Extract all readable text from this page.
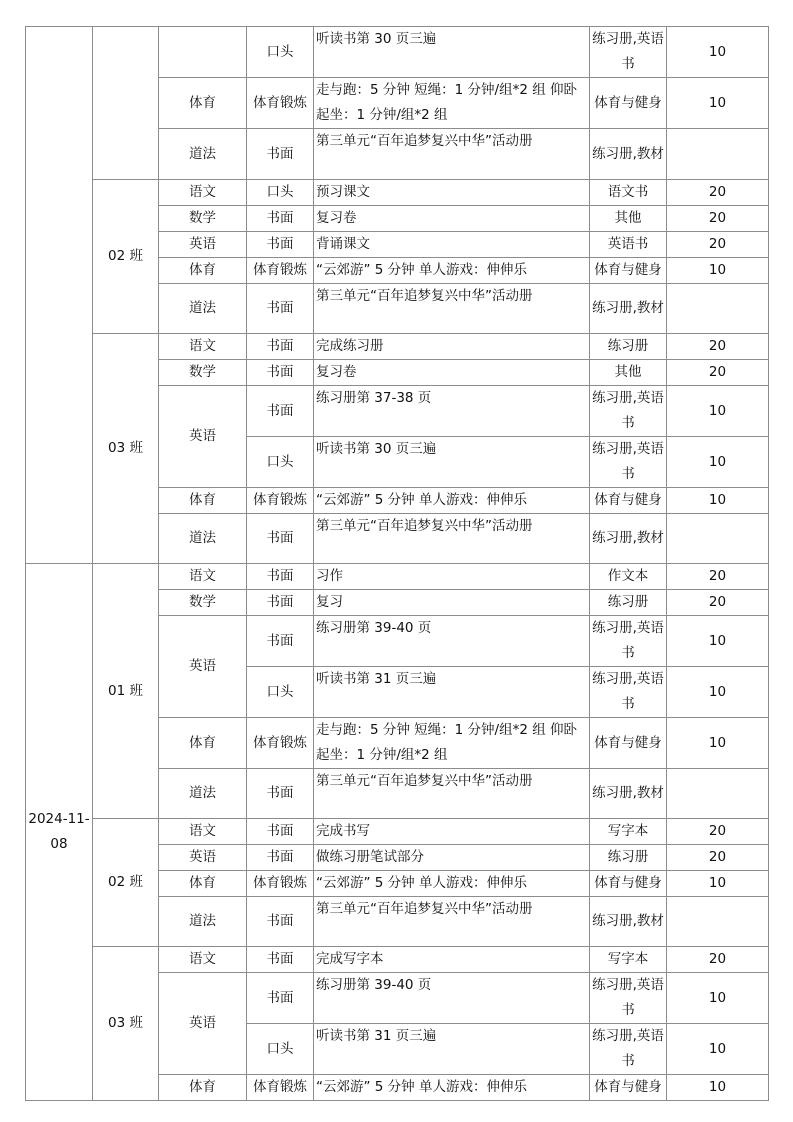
			口头	听读书第 30 页三遍	练习册,英语书	10
		体育	体育锻炼	走与跑：5 分钟 短绳：1 分钟/组*2 组 仰卧起坐：1 分钟/组*2 组	体育与健身	10
		道法	书面	第三单元“百年追梦复兴中华”活动册	练习册,教材	
	02 班	语文	口头	预习课文	语文书	20
		数学	书面	复习卷	其他	20
		英语	书面	背诵课文	英语书	20
		体育	体育锻炼	“云郊游” 5 分钟 单人游戏：伸伸乐	体育与健身	10
		道法	书面	第三单元“百年追梦复兴中华”活动册	练习册,教材	
	03 班	语文	书面	完成练习册	练习册	20
		数学	书面	复习卷	其他	20
		英语	书面	练习册第 37-38 页	练习册,英语书	10
			口头	听读书第 30 页三遍	练习册,英语书	10
		体育	体育锻炼	“云郊游” 5 分钟 单人游戏：伸伸乐	体育与健身	10
		道法	书面	第三单元“百年追梦复兴中华”活动册	练习册,教材	
2024-11-08	01 班	语文	书面	习作	作文本	20
		数学	书面	复习	练习册	20
		英语	书面	练习册第 39-40 页	练习册,英语书	10
			口头	听读书第 31 页三遍	练习册,英语书	10
		体育	体育锻炼	走与跑：5 分钟 短绳：1 分钟/组*2 组 仰卧起坐：1 分钟/组*2 组	体育与健身	10
		道法	书面	第三单元“百年追梦复兴中华”活动册	练习册,教材	
	02 班	语文	书面	完成书写	写字本	20
		英语	书面	做练习册笔试部分	练习册	20
		体育	体育锻炼	“云郊游” 5 分钟 单人游戏：伸伸乐	体育与健身	10
		道法	书面	第三单元“百年追梦复兴中华”活动册	练习册,教材	
	03 班	语文	书面	完成写字本	写字本	20
		英语	书面	练习册第 39-40 页	练习册,英语书	10
			口头	听读书第 31 页三遍	练习册,英语书	10
		体育	体育锻炼	“云郊游” 5 分钟 单人游戏：伸伸乐	体育与健身	10
